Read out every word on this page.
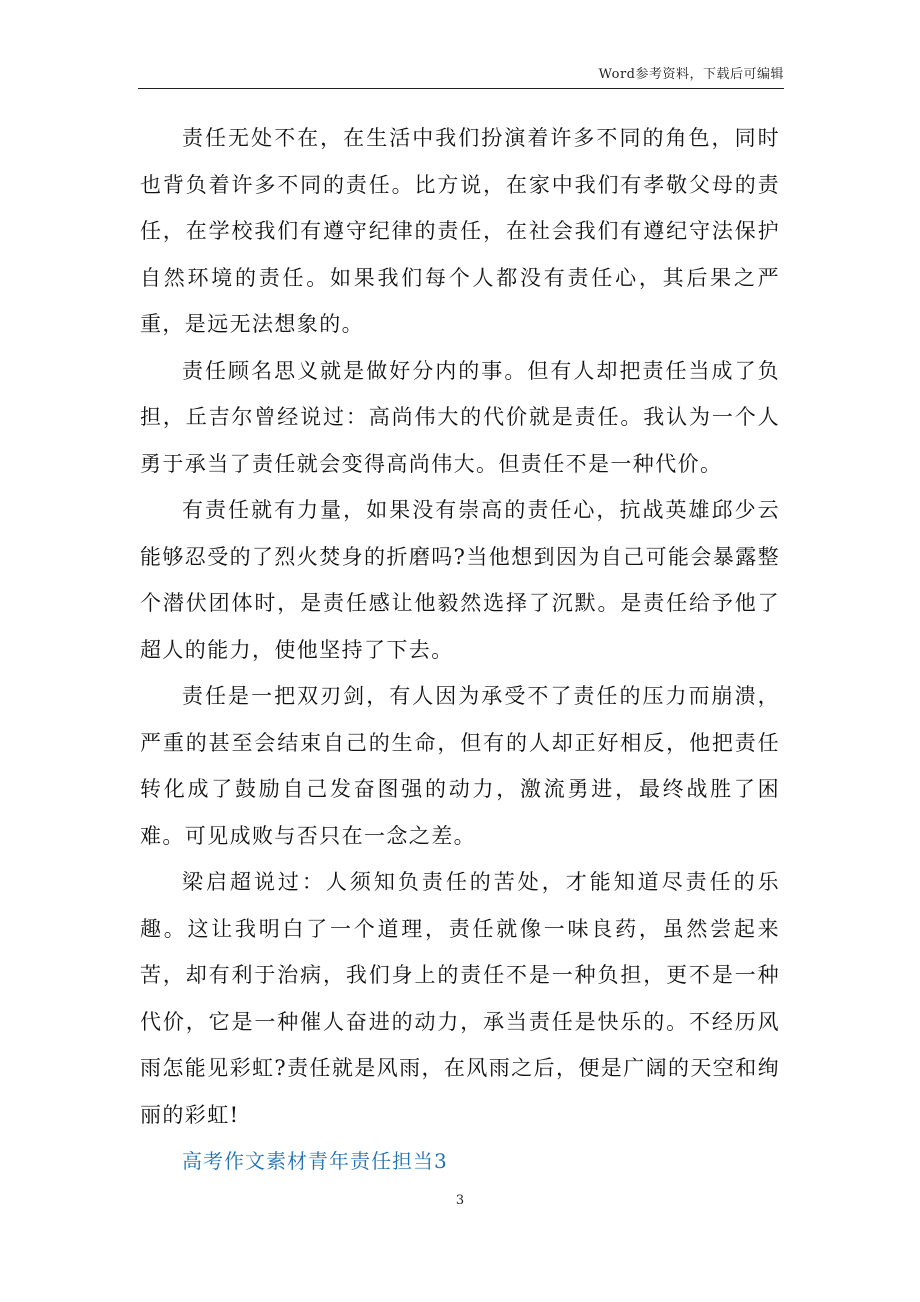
Word参考资料，下载后可编辑

责任无处不在，在生活中我们扮演着许多不同的角色，同时也背负着许多不同的责任。比方说，在家中我们有孝敬父母的责任，在学校我们有遵守纪律的责任，在社会我们有遵纪守法保护自然环境的责任。如果我们每个人都没有责任心，其后果之严重，是远无法想象的。

责任顾名思义就是做好分内的事。但有人却把责任当成了负担，丘吉尔曾经说过：高尚伟大的代价就是责任。我认为一个人勇于承当了责任就会变得高尚伟大。但责任不是一种代价。

有责任就有力量，如果没有崇高的责任心，抗战英雄邱少云能够忍受的了烈火焚身的折磨吗?当他想到因为自己可能会暴露整个潜伏团体时，是责任感让他毅然选择了沉默。是责任给予他了超人的能力，使他坚持了下去。

责任是一把双刃剑，有人因为承受不了责任的压力而崩溃，严重的甚至会结束自己的生命，但有的人却正好相反，他把责任转化成了鼓励自己发奋图强的动力，激流勇进，最终战胜了困难。可见成败与否只在一念之差。

梁启超说过：人须知负责任的苦处，才能知道尽责任的乐趣。这让我明白了一个道理，责任就像一味良药，虽然尝起来苦，却有利于治病，我们身上的责任不是一种负担，更不是一种代价，它是一种催人奋进的动力，承当责任是快乐的。不经历风雨怎能见彩虹?责任就是风雨，在风雨之后，便是广阔的天空和绚丽的彩虹!

高考作文素材青年责任担当3
3
